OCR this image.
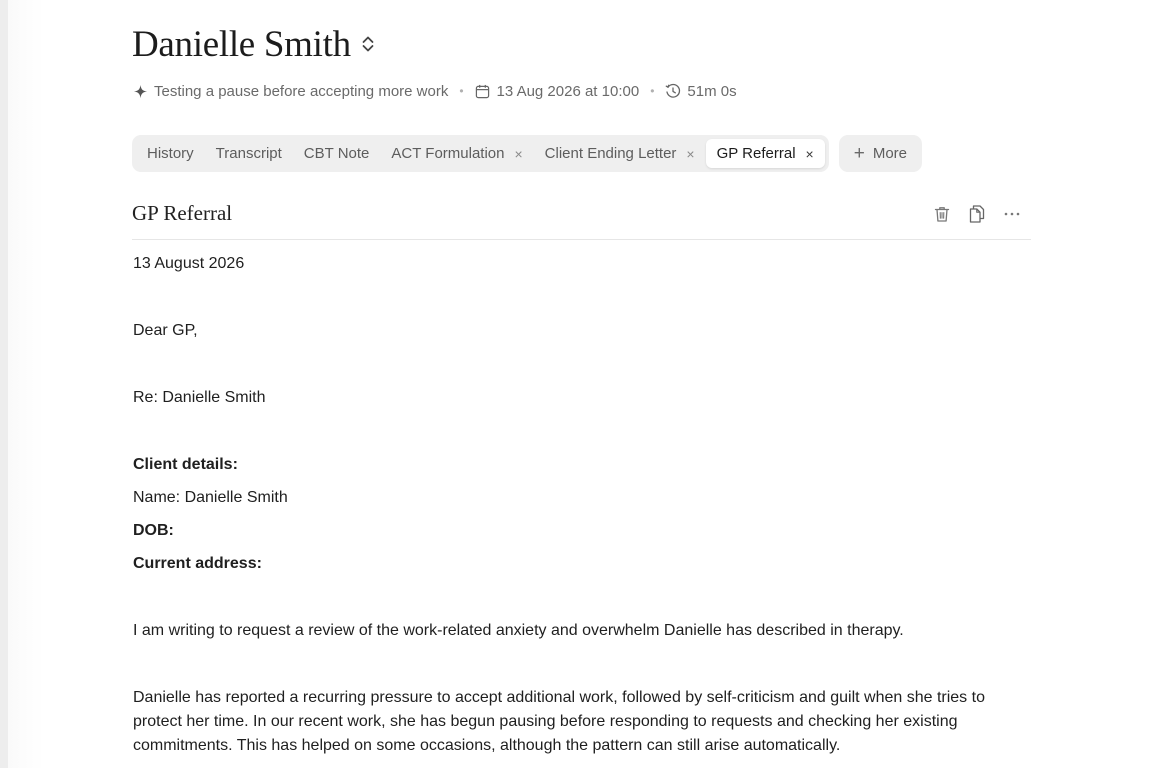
Danielle Smith
Testing a pause before accepting more work • 13 Aug 2026 at 10:00 • 51m 0s
History Transcript CBT Note ACT Formulation × Client Ending Letter × GP Referral × + More
GP Referral

13 August 2026

Dear GP,

Re: Danielle Smith

Client details:

Name: Danielle Smith

DOB:

Current address:

I am writing to request a review of the work-related anxiety and overwhelm Danielle has described in therapy.

Danielle has reported a recurring pressure to accept additional work, followed by self-criticism and guilt when she tries to
protect her time. In our recent work, she has begun pausing before responding to requests and checking her existing
commitments. This has helped on some occasions, although the pattern can still arise automatically.
